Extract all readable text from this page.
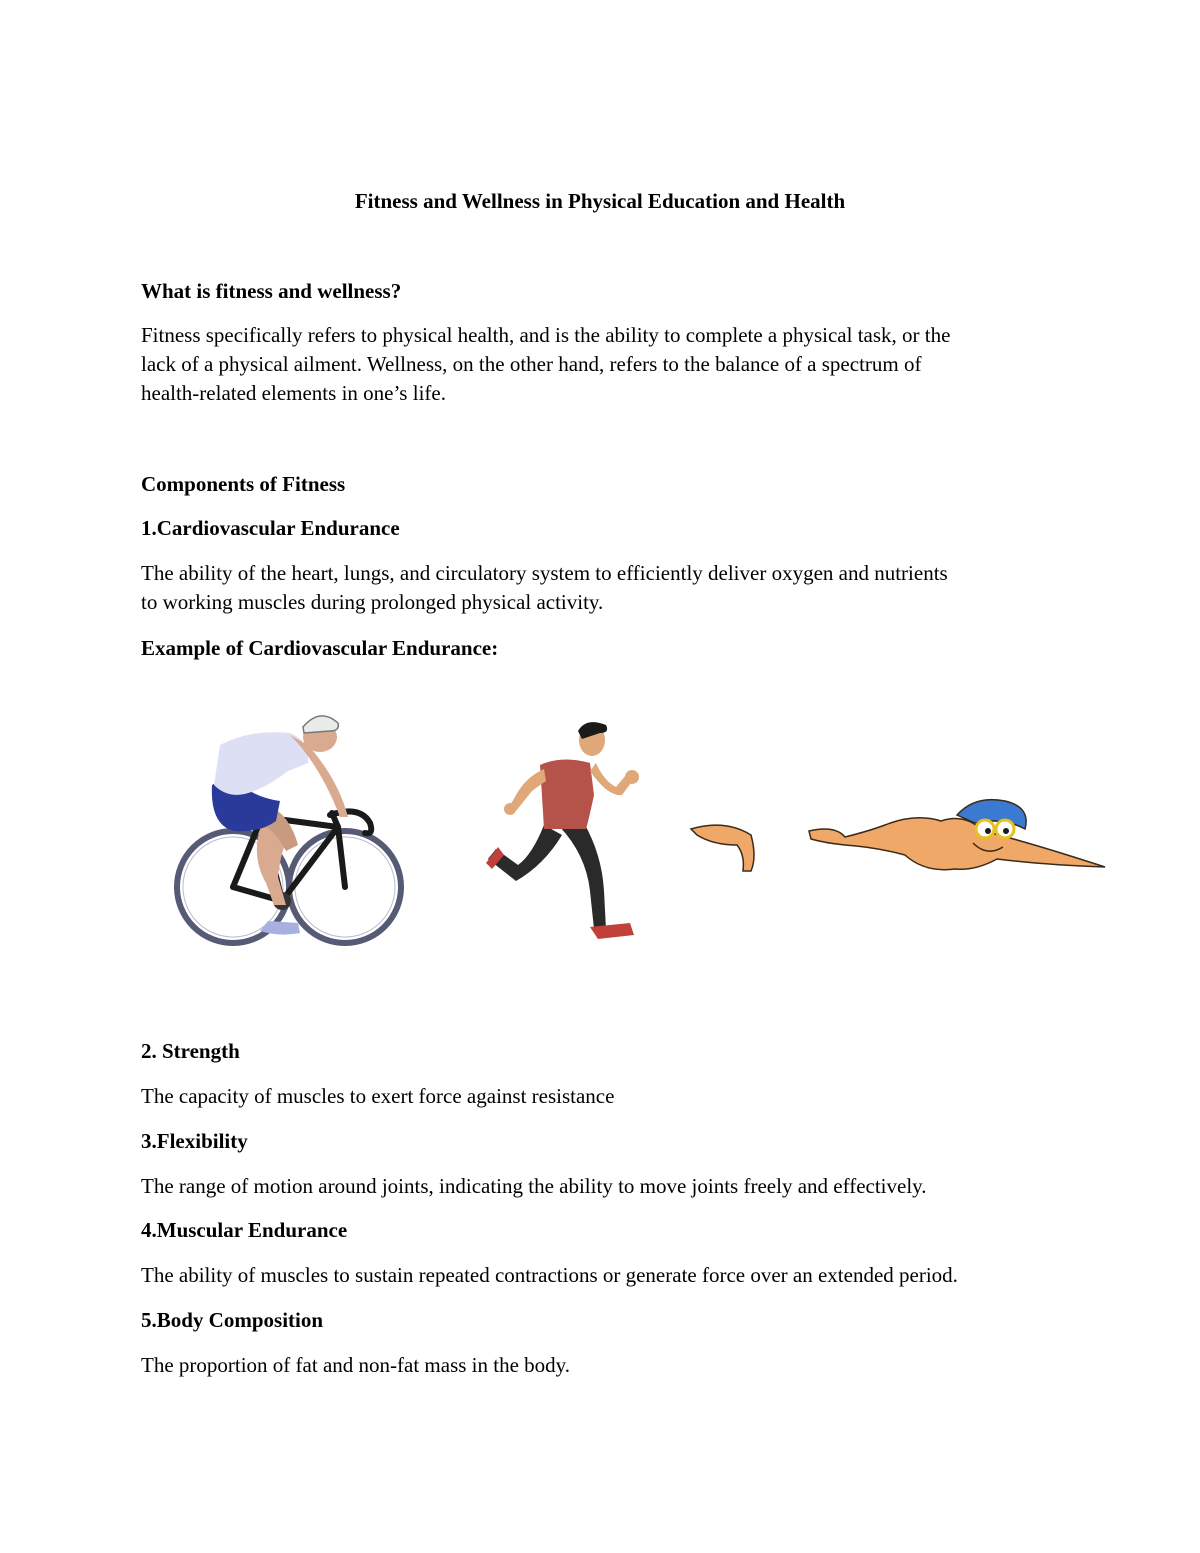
Fitness and Wellness in Physical Education and Health

What is fitness and wellness?

Fitness specifically refers to physical health, and is the ability to complete a physical task, or the

lack of a physical ailment. Wellness, on the other hand, refers to the balance of a spectrum of

health-related elements in one’s life.

Components of Fitness

1.Cardiovascular Endurance

The ability of the heart, lungs, and circulatory system to efficiently deliver oxygen and nutrients

to working muscles during prolonged physical activity.

Example of Cardiovascular Endurance:

2. Strength

The capacity of muscles to exert force against resistance

3.Flexibility

The range of motion around joints, indicating the ability to move joints freely and effectively.

4.Muscular Endurance

The ability of muscles to sustain repeated contractions or generate force over an extended period.

5.Body Composition

The proportion of fat and non-fat mass in the body.
